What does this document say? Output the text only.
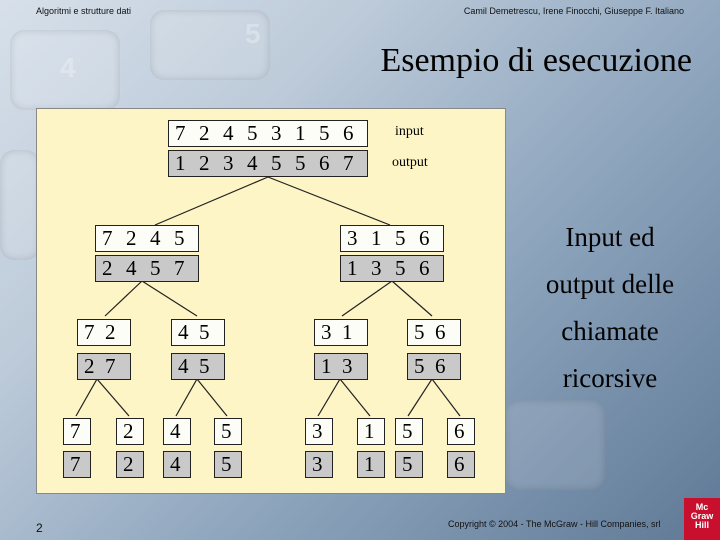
4
5
Algoritmi e strutture dati	Camil Demetrescu, Irene Finocchi, Giuseppe F. Italiano
Esempio di esecuzione
7 2 4 5 3 1 5 6
1 2 3 4 5 5 6 7
input
output
7 2 4 5
2 4 5 7
3 1 5 6
1 3 5 6
7 2
2 7
4 5
4 5
3 1
1 3
5 6
5 6
7
7
2
2
4
4
5
5
3
3
1
1
5
5
6
6
Input ed
output delle
chiamate
ricorsive
2	Copyright © 2004 - The McGraw - Hill Companies, srl
Mc
Graw
Hill
